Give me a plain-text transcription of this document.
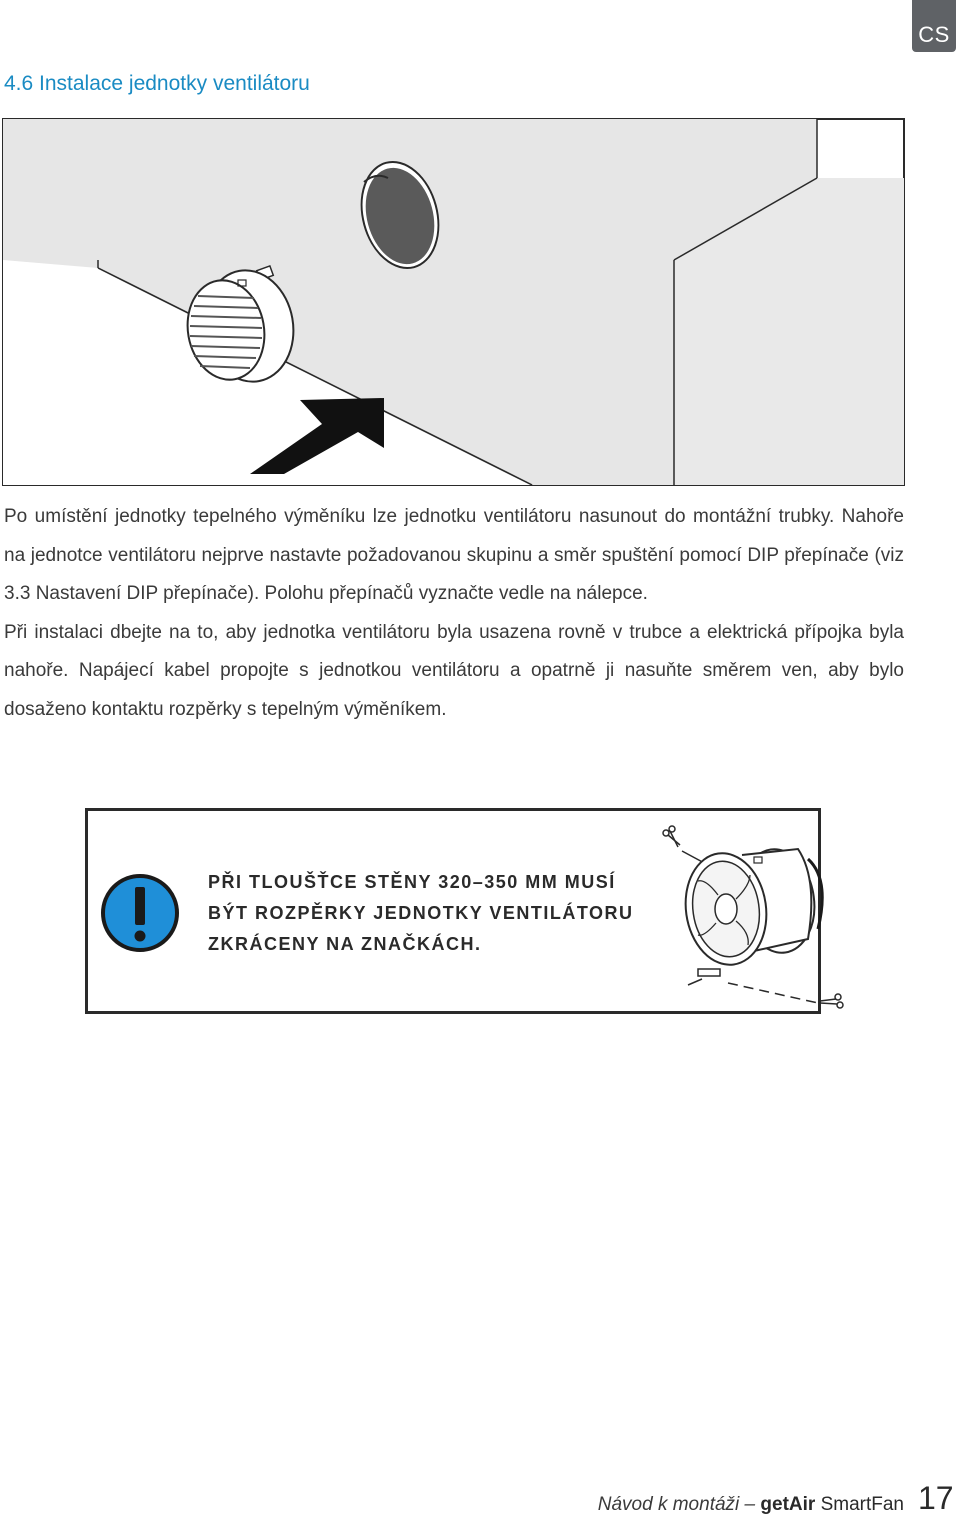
CS
4.6 Instalace jednotky ventilátoru

Po umístění jednotky tepelného výměníku lze jednotku ventilátoru nasunout do montážní trubky. Nahoře na jednotce ventilátoru nejprve nastavte požadovanou skupinu a směr spuštění pomocí DIP přepínače (viz 3.3 Nastavení DIP přepínače). Polohu přepínačů vyznačte vedle na nálepce.

Při instalaci dbejte na to, aby jednotka ventilátoru byla usazena rovně v trubce a elektrická přípojka byla nahoře. Napájecí kabel propojte s jednotkou ventilátoru a opatrně ji nasuňte směrem ven, aby bylo dosaženo kontaktu rozpěrky s tepelným výměníkem.

PŘI TLOUŠŤCE STĚNY 320–350 MM MUSÍ
BÝT ROZPĚRKY JEDNOTKY VENTILÁTORU
ZKRÁCENY NA ZNAČKÁCH.
Návod k montáži – getAir SmartFan 17
